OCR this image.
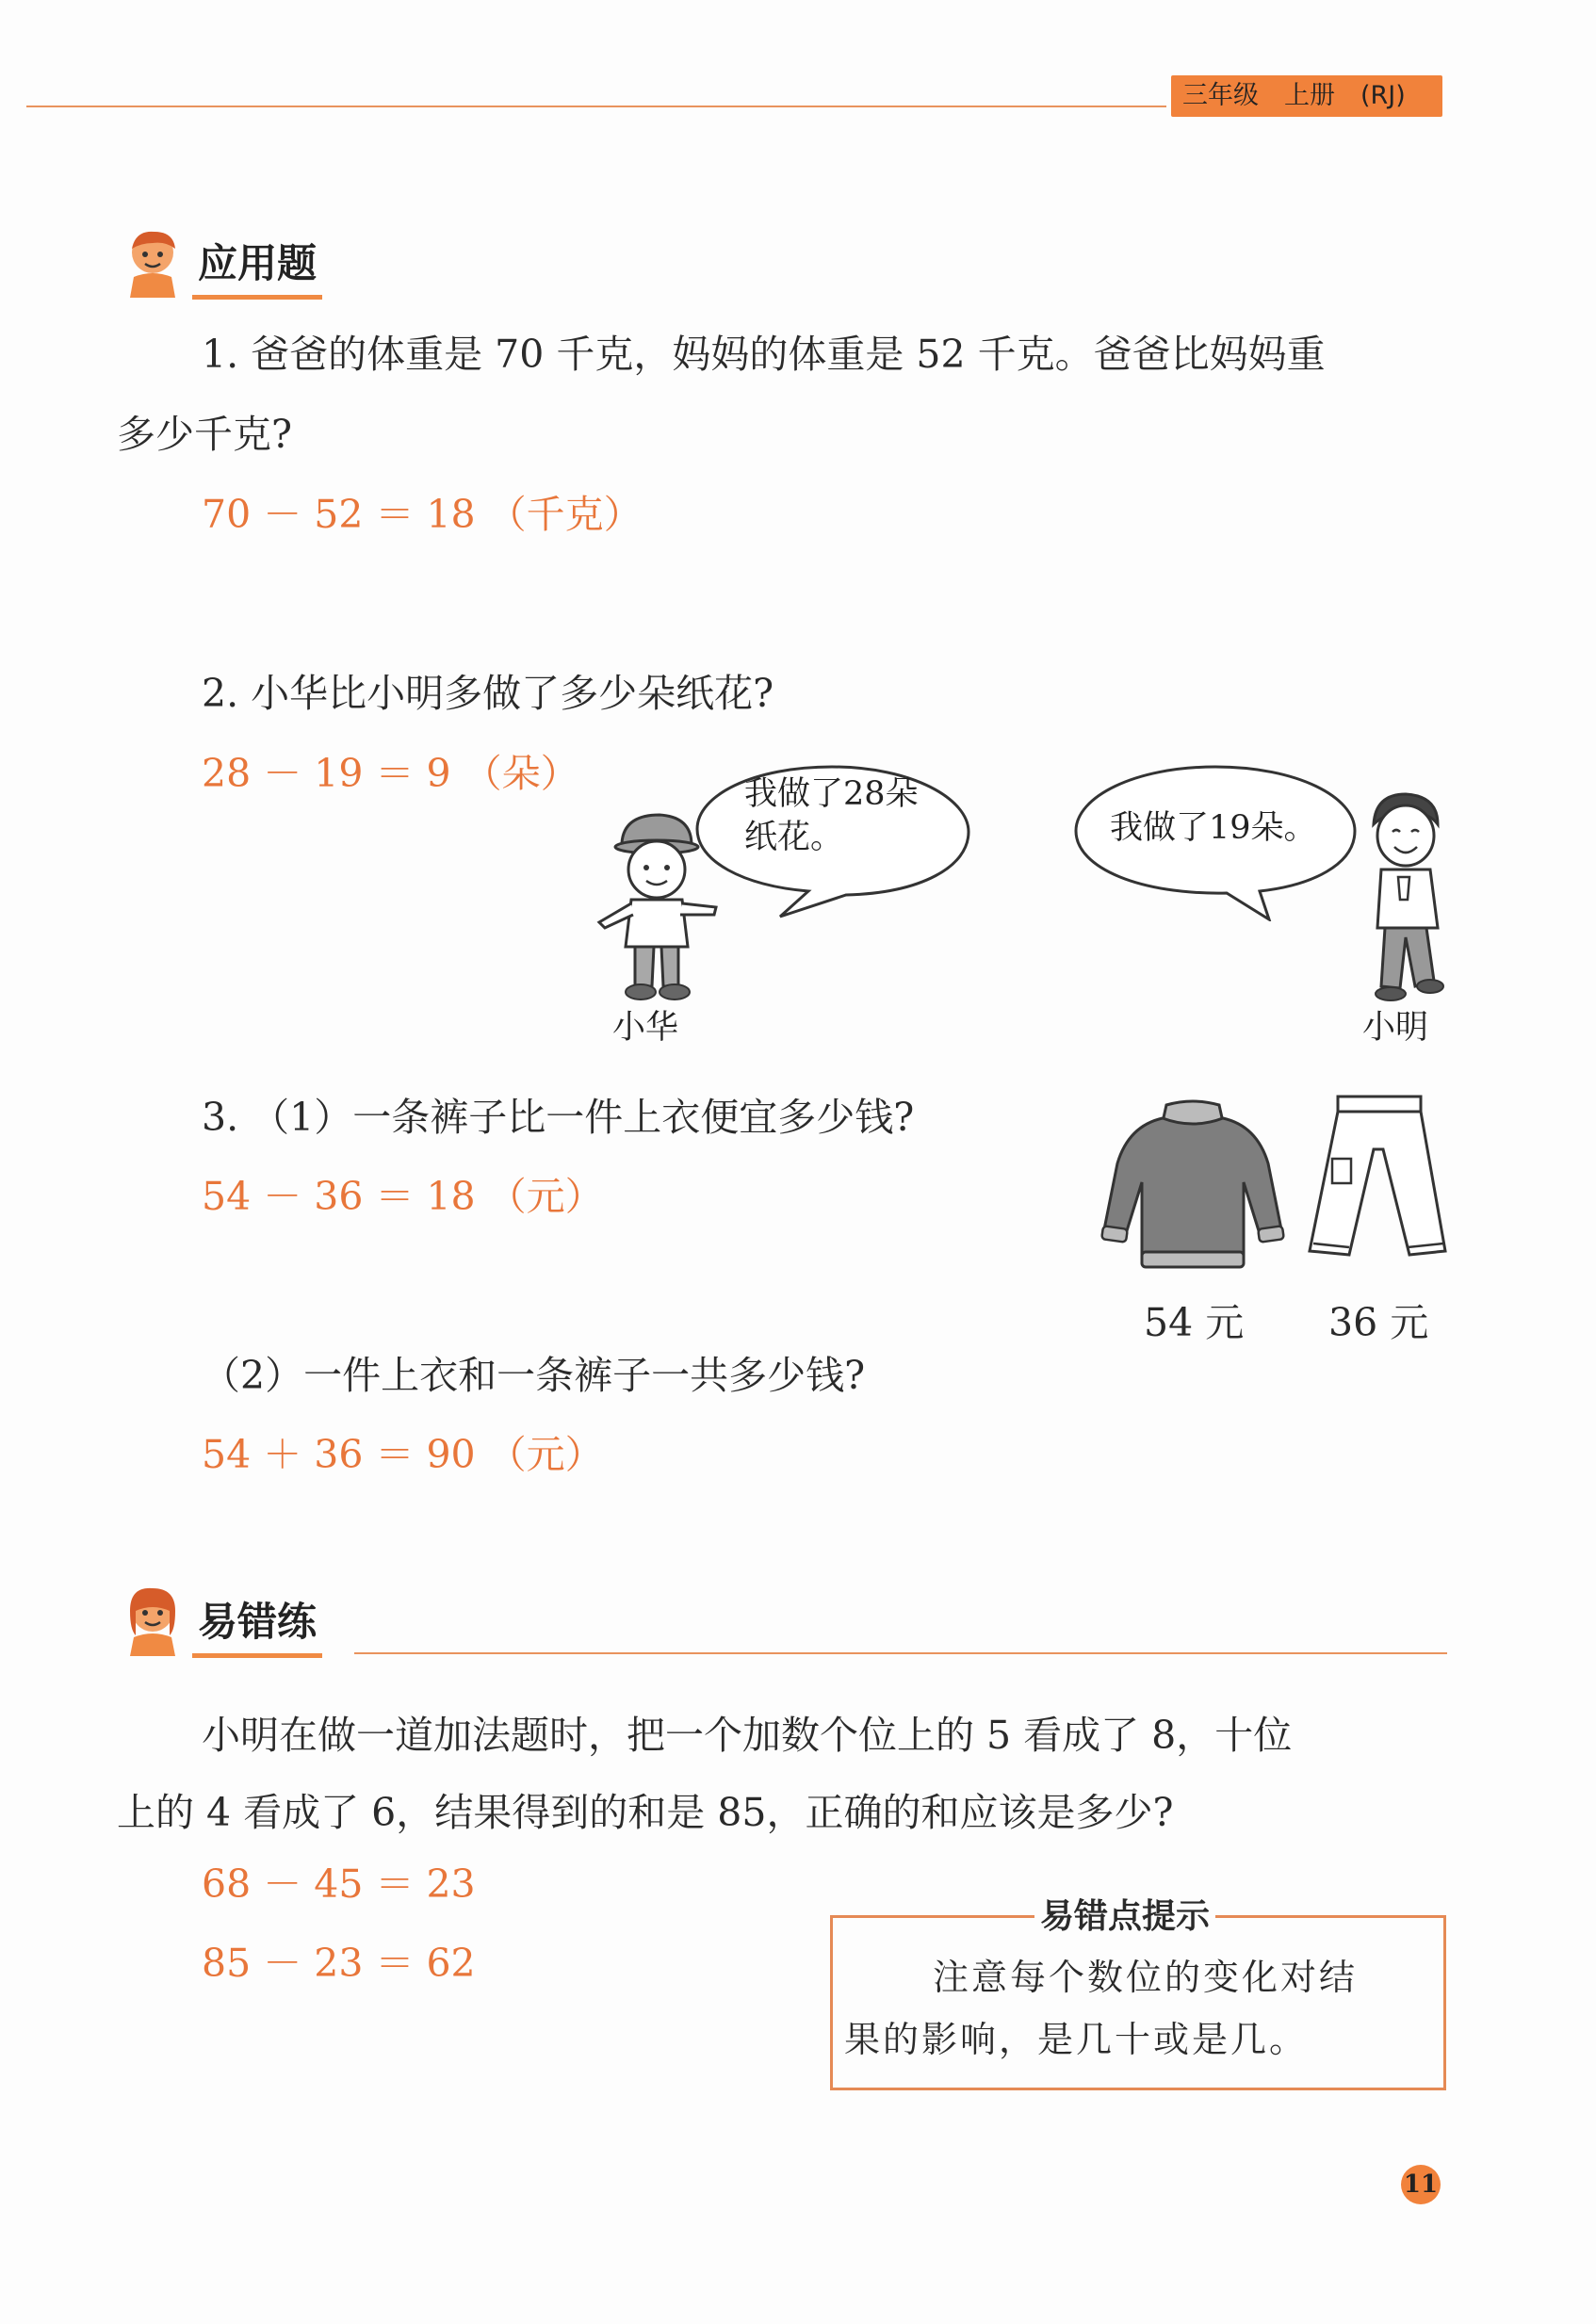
三年级　上册　(RJ)
应用题
1. 爸爸的体重是 70 千克，妈妈的体重是 52 千克。爸爸比妈妈重
多少千克?
70 － 52 ＝ 18 （千克）
2. 小华比小明多做了多少朵纸花?
28 － 19 ＝ 9 （朵）	我做了28朵
纸花。	我做了19朵。
小华	小明
3. （1）一条裤子比一件上衣便宜多少钱?
54 － 36 ＝ 18 （元）
54 元 36 元
（2）一件上衣和一条裤子一共多少钱?
54 ＋ 36 ＝ 90 （元）
易错练
小明在做一道加法题时，把一个加数个位上的 5 看成了 8，十位
上的 4 看成了 6，结果得到的和是 85，正确的和应该是多少?
68 － 45 ＝ 23
85 － 23 ＝ 62
易错点提示
注意每个数位的变化对结
果的影响，是几十或是几。
11
